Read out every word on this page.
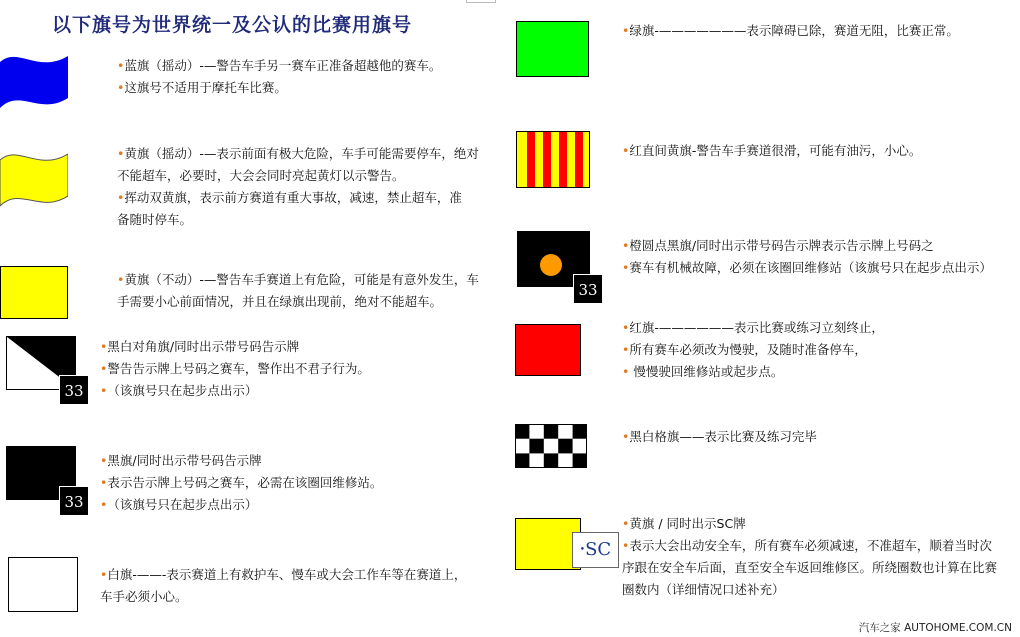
以下旗号为世界统一及公认的比赛用旗号
•蓝旗（摇动）-—警告车手另一赛车正准备超越他的赛车。
•这旗号不适用于摩托车比赛。
•黄旗（摇动）-—表示前面有极大危险，车手可能需要停车，绝对
不能超车，必要时，大会会同时亮起黄灯以示警告。
•挥动双黄旗，表示前方赛道有重大事故，减速，禁止超车，准
备随时停车。
•黄旗（不动）-—警告车手赛道上有危险，可能是有意外发生，车
手需要小心前面情况，并且在绿旗出现前，绝对不能超车。
33
•黑白对角旗/同时出示带号码告示牌
•警告告示牌上号码之赛车，警作出不君子行为。
•（该旗号只在起步点出示）
33
•黑旗/同时出示带号码告示牌
•表示告示牌上号码之赛车，必需在该圈回维修站。
•（该旗号只在起步点出示）
•白旗-——-表示赛道上有救护车、慢车或大会工作车等在赛道上，
车手必须小心。
•绿旗-———————表示障碍已除，赛道无阻，比赛正常。
•红直间黄旗-警告车手赛道很滑，可能有油污，小心。
33
•橙圆点黑旗/同时出示带号码告示牌表示告示牌上号码之
•赛车有机械故障，必须在该圈回维修站（该旗号只在起步点出示）
•红旗-——————表示比赛或练习立刻终止，
•所有赛车必须改为慢驶，及随时准备停车，
• 慢慢驶回维修站或起步点。
•黑白格旗——表示比赛及练习完毕
•SC
•黄旗 / 同时出示SC牌
•表示大会出动安全车，所有赛车必须减速，不准超车，顺着当时次
序跟在安全车后面，直至安全车返回维修区。所绕圈数也计算在比赛
圈数内（详细情况口述补充）
汽车之家 AUTOHOME.COM.CN
